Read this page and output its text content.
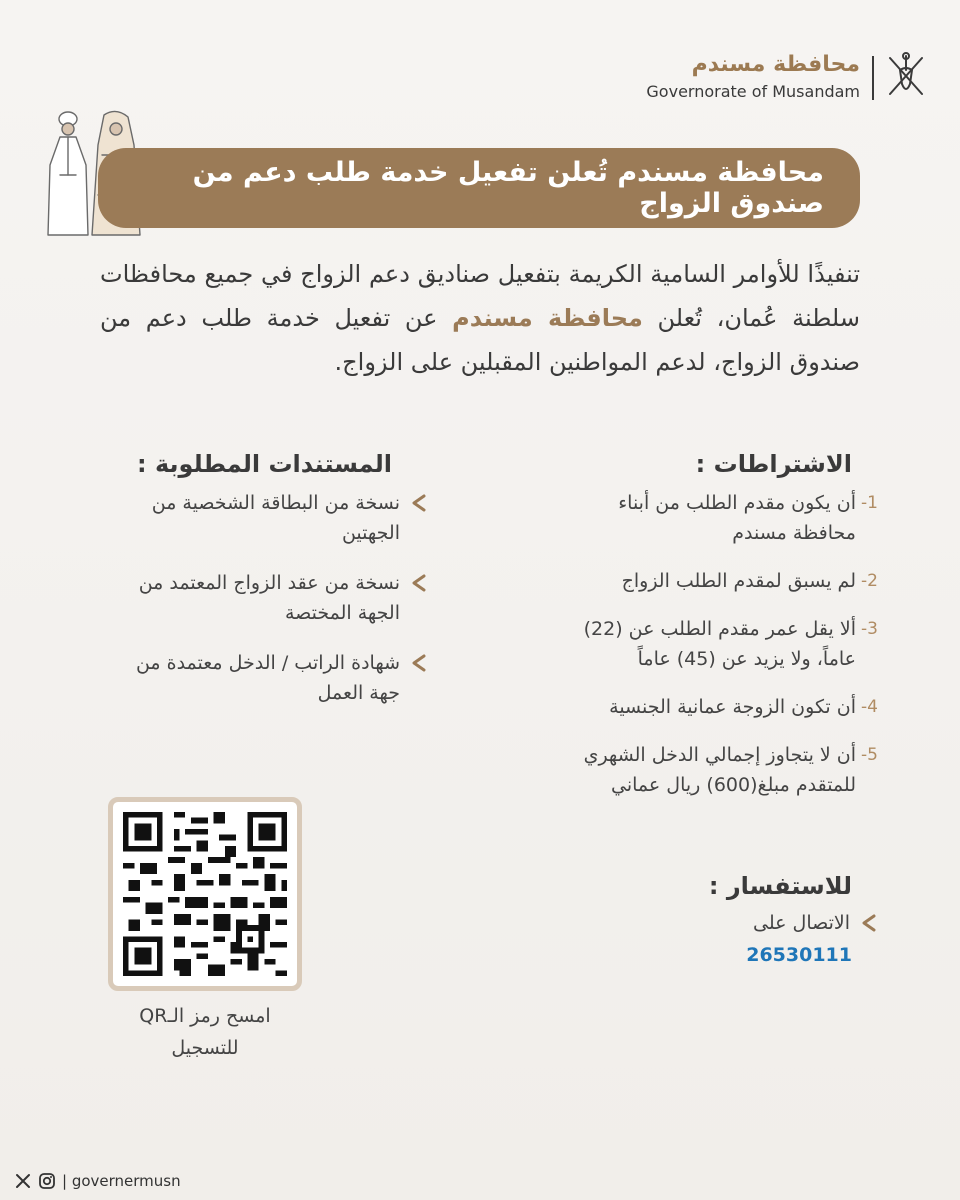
محافظة مسندم
Governorate of Musandam
محافظة مسندم تُعلن تفعيل خدمة طلب دعم من صندوق الزواج
تنفيذًا للأوامر السامية الكريمة بتفعيل صناديق دعم الزواج في جميع محافظات سلطنة عُمان، تُعلن محافظة مسندم عن تفعيل خدمة طلب دعم من صندوق الزواج، لدعم المواطنين المقبلين على الزواج.
الاشتراطات :
1-
أن يكون مقدم الطلب من أبناء محافظة مسندم
2-
لم يسبق لمقدم الطلب الزواج
3-
ألا يقل عمر مقدم الطلب عن (22) عاماً، ولا يزيد عن (45) عاماً
4-
أن تكون الزوجة عمانية الجنسية
5-
أن لا يتجاوز إجمالي الدخل الشهري للمتقدم مبلغ(600) ريال عماني
المستندات المطلوبة :
نسخة من البطاقة الشخصية من الجهتين
نسخة من عقد الزواج المعتمد من الجهة المختصة
شهادة الراتب / الدخل معتمدة من جهة العمل
امسح رمز الـQR
للتسجيل
للاستفسار :
الاتصال على
26530111
| governermusn
